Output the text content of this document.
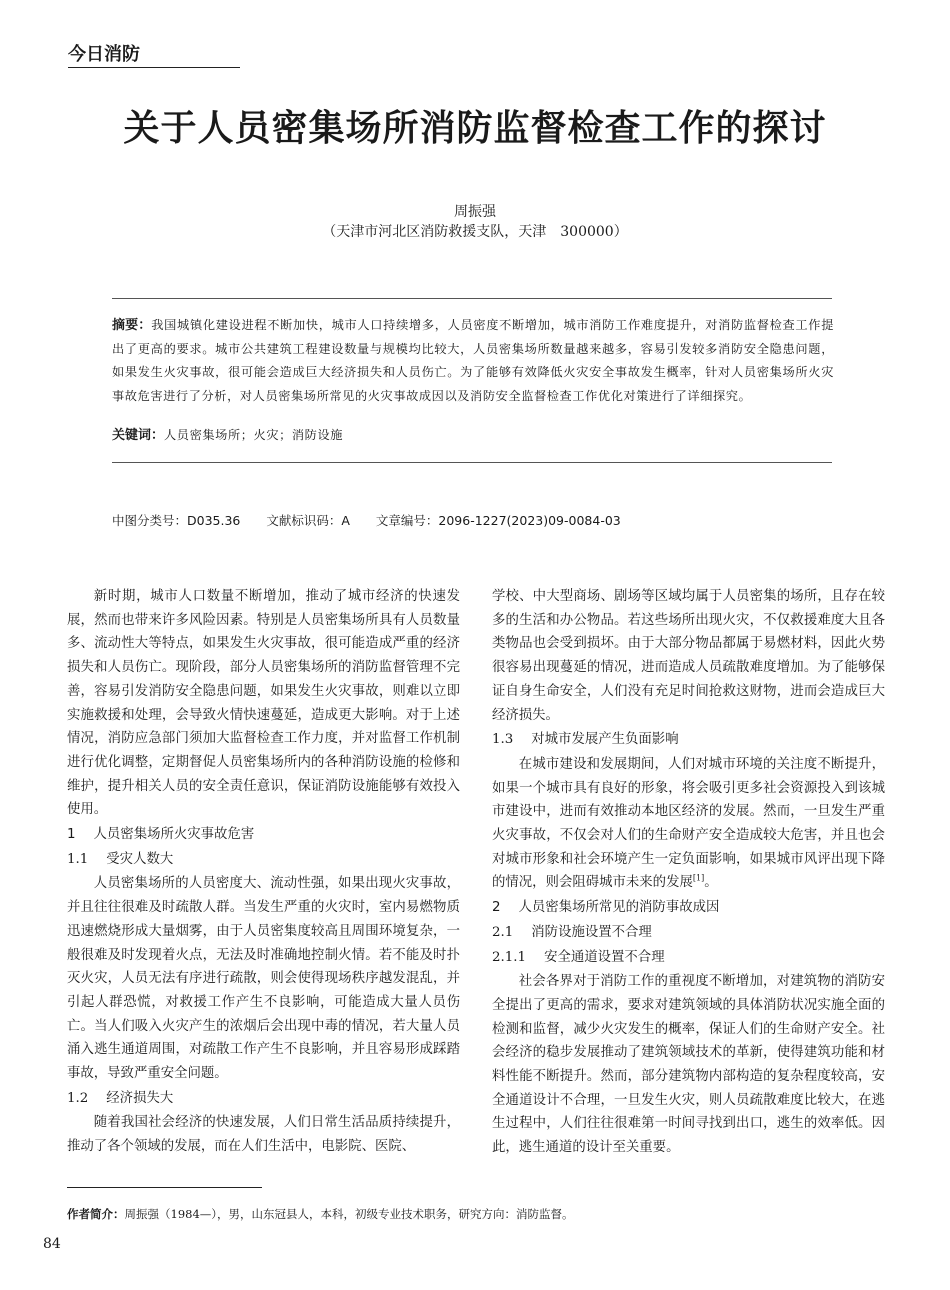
今日消防
关于人员密集场所消防监督检查工作的探讨
周振强
（天津市河北区消防救援支队，天津　300000）
摘要：我国城镇化建设进程不断加快，城市人口持续增多，人员密度不断增加，城市消防工作难度提升，对消防监督检查工作提出了更高的要求。城市公共建筑工程建设数量与规模均比较大，人员密集场所数量越来越多，容易引发较多消防安全隐患问题，如果发生火灾事故，很可能会造成巨大经济损失和人员伤亡。为了能够有效降低火灾安全事故发生概率，针对人员密集场所火灾事故危害进行了分析，对人员密集场所常见的火灾事故成因以及消防安全监督检查工作优化对策进行了详细探究。
关键词：人员密集场所；火灾；消防设施
中图分类号：D035.36 文献标识码：A 文章编号：2096-1227(2023)09-0084-03

新时期，城市人口数量不断增加，推动了城市经济的快速发展，然而也带来许多风险因素。特别是人员密集场所具有人员数量多、流动性大等特点，如果发生火灾事故，很可能造成严重的经济损失和人员伤亡。现阶段，部分人员密集场所的消防监督管理不完善，容易引发消防安全隐患问题，如果发生火灾事故，则难以立即实施救援和处理，会导致火情快速蔓延，造成更大影响。对于上述情况，消防应急部门须加大监督检查工作力度，并对监督工作机制进行优化调整，定期督促人员密集场所内的各种消防设施的检修和维护，提升相关人员的安全责任意识，保证消防设施能够有效投入使用。

1 人员密集场所火灾事故危害
1.1 受灾人数大

人员密集场所的人员密度大、流动性强，如果出现火灾事故，并且往往很难及时疏散人群。当发生严重的火灾时，室内易燃物质迅速燃烧形成大量烟雾，由于人员密集度较高且周围环境复杂，一般很难及时发现着火点，无法及时准确地控制火情。若不能及时扑灭火灾，人员无法有序进行疏散，则会使得现场秩序越发混乱，并引起人群恐慌，对救援工作产生不良影响，可能造成大量人员伤亡。当人们吸入火灾产生的浓烟后会出现中毒的情况，若大量人员涌入逃生通道周围，对疏散工作产生不良影响，并且容易形成踩踏事故，导致严重安全问题。

1.2 经济损失大

随着我国社会经济的快速发展，人们日常生活品质持续提升，推动了各个领域的发展，而在人们生活中，电影院、医院、

学校、中大型商场、剧场等区域均属于人员密集的场所，且存在较多的生活和办公物品。若这些场所出现火灾，不仅救援难度大且各类物品也会受到损坏。由于大部分物品都属于易燃材料，因此火势很容易出现蔓延的情况，进而造成人员疏散难度增加。为了能够保证自身生命安全，人们没有充足时间抢救这财物，进而会造成巨大经济损失。

1.3 对城市发展产生负面影响

在城市建设和发展期间，人们对城市环境的关注度不断提升，如果一个城市具有良好的形象，将会吸引更多社会资源投入到该城市建设中，进而有效推动本地区经济的发展。然而，一旦发生严重火灾事故，不仅会对人们的生命财产安全造成较大危害，并且也会对城市形象和社会环境产生一定负面影响，如果城市风评出现下降的情况，则会阻碍城市未来的发展[1]。

2 人员密集场所常见的消防事故成因
2.1 消防设施设置不合理
2.1.1 安全通道设置不合理

社会各界对于消防工作的重视度不断增加，对建筑物的消防安全提出了更高的需求，要求对建筑领域的具体消防状况实施全面的检测和监督，减少火灾发生的概率，保证人们的生命财产安全。社会经济的稳步发展推动了建筑领域技术的革新，使得建筑功能和材料性能不断提升。然而，部分建筑物内部构造的复杂程度较高，安全通道设计不合理，一旦发生火灾，则人员疏散难度比较大，在逃生过程中，人们往往很难第一时间寻找到出口，逃生的效率低。因此，逃生通道的设计至关重要。

作者简介：周振强（1984—），男，山东冠县人，本科，初级专业技术职务，研究方向：消防监督。
84
